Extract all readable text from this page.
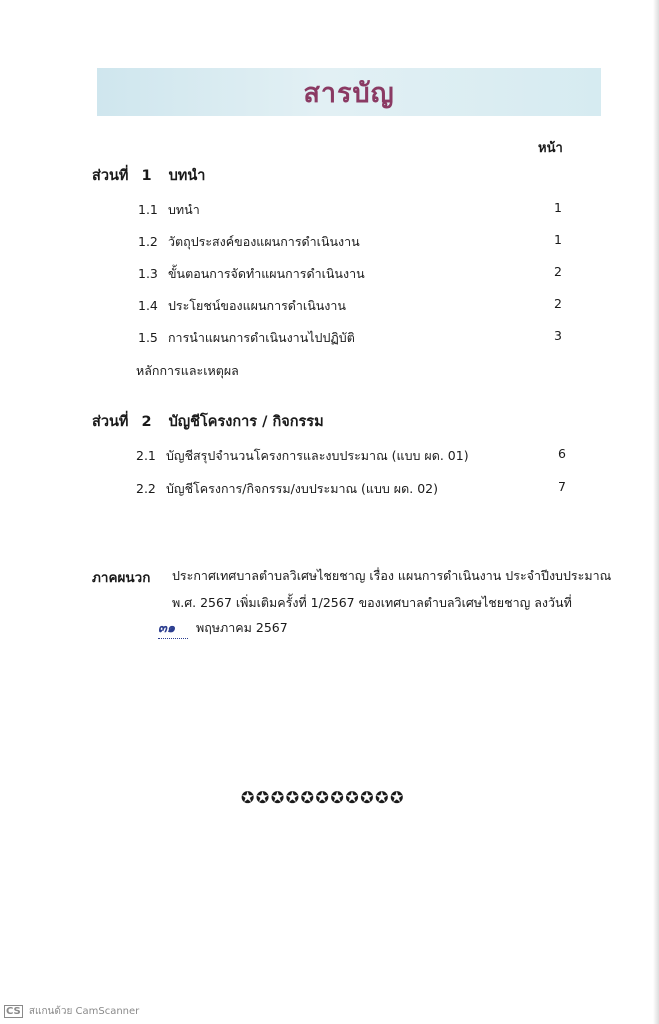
สารบัญ
หน้า
ส่วนที่ 1 บทนำ
1.1 บทนำ	1
1.2 วัตถุประสงค์ของแผนการดำเนินงาน	1
1.3 ขั้นตอนการจัดทำแผนการดำเนินงาน	2
1.4 ประโยชน์ของแผนการดำเนินงาน	2
1.5 การนำแผนการดำเนินงานไปปฏิบัติ	3
หลักการและเหตุผล
ส่วนที่ 2 บัญชีโครงการ / กิจกรรม
2.1 บัญชีสรุปจำนวนโครงการและงบประมาณ (แบบ ผด. 01)	6
2.2 บัญชีโครงการ/กิจกรรม/งบประมาณ (แบบ ผด. 02)	7
ภาคผนวก ประกาศเทศบาลตำบลวิเศษไชยชาญ เรื่อง แผนการดำเนินงาน ประจำปีงบประมาณ
พ.ศ. 2567 เพิ่มเติมครั้งที่ 1/2567 ของเทศบาลตำบลวิเศษไชยชาญ ลงวันที่
๓๑ พฤษภาคม 2567
✪✪✪✪✪✪✪✪✪✪✪
CS สแกนด้วย CamScanner
